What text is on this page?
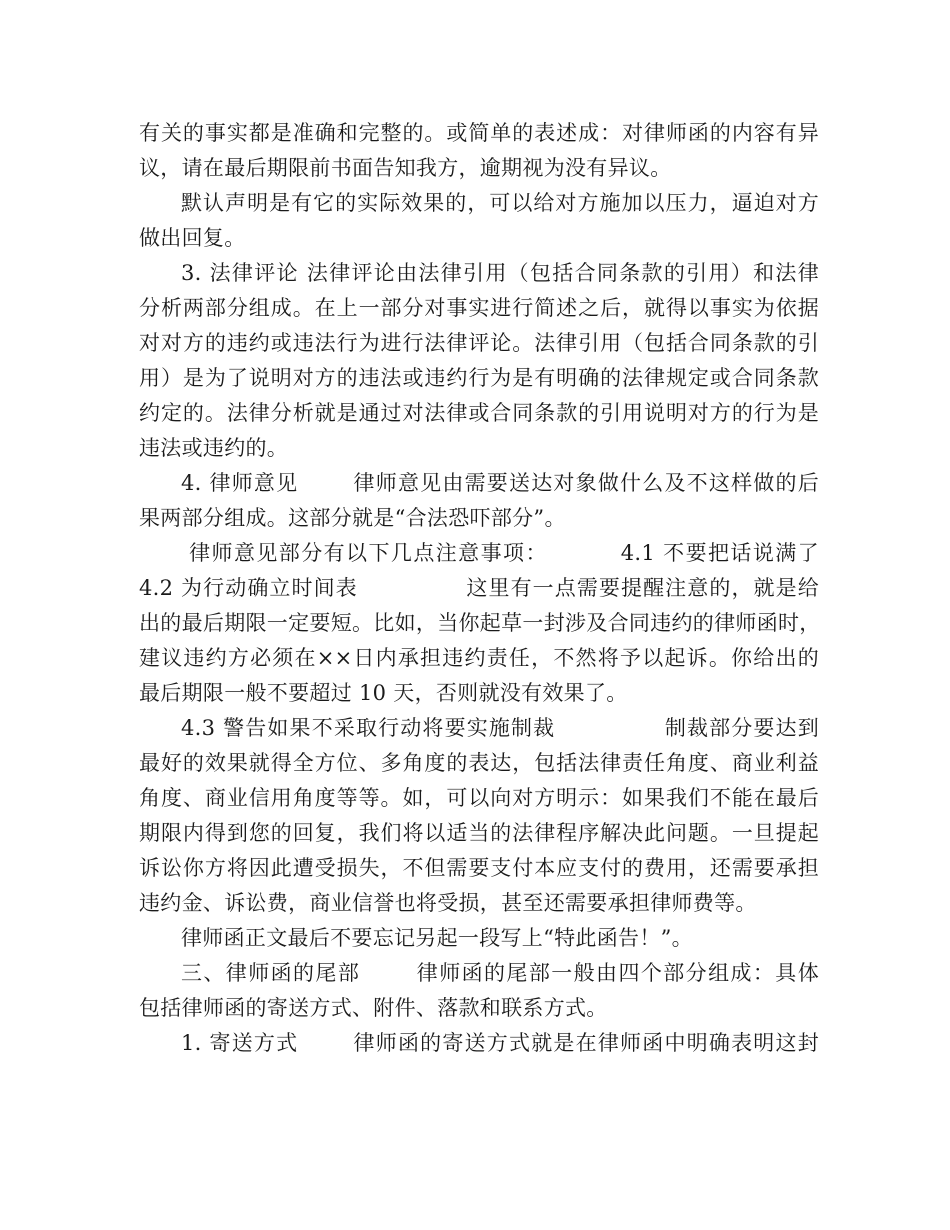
有关的事实都是准确和完整的。或简单的表述成：对律师函的内容有异
议，请在最后期限前书面告知我方，逾期视为没有异议。
默认声明是有它的实际效果的，可以给对方施加以压力，逼迫对方
做出回复。
3. 法律评论 法律评论由法律引用（包括合同条款的引用）和法律
分析两部分组成。在上一部分对事实进行简述之后，就得以事实为依据
对对方的违约或违法行为进行法律评论。法律引用（包括合同条款的引
用）是为了说明对方的违法或违约行为是有明确的法律规定或合同条款
约定的。法律分析就是通过对法律或合同条款的引用说明对方的行为是
违法或违约的。
4. 律师意见       律师意见由需要送达对象做什么及不这样做的后
果两部分组成。这部分就是“合法恐吓部分”。
律师意见部分有以下几点注意事项：         4.1 不要把话说满了
4.2 为行动确立时间表              这里有一点需要提醒注意的，就是给
出的最后期限一定要短。比如，当你起草一封涉及合同违约的律师函时，
建议违约方必须在××日内承担违约责任，不然将予以起诉。你给出的
最后期限一般不要超过 10 天，否则就没有效果了。
4.3 警告如果不采取行动将要实施制裁              制裁部分要达到
最好的效果就得全方位、多角度的表达，包括法律责任角度、商业利益
角度、商业信用角度等等。如，可以向对方明示：如果我们不能在最后
期限内得到您的回复，我们将以适当的法律程序解决此问题。一旦提起
诉讼你方将因此遭受损失，不但需要支付本应支付的费用，还需要承担
违约金、诉讼费，商业信誉也将受损，甚至还需要承担律师费等。
律师函正文最后不要忘记另起一段写上“特此函告！”。
三、律师函的尾部       律师函的尾部一般由四个部分组成：具体
包括律师函的寄送方式、附件、落款和联系方式。
1. 寄送方式       律师函的寄送方式就是在律师函中明确表明这封
